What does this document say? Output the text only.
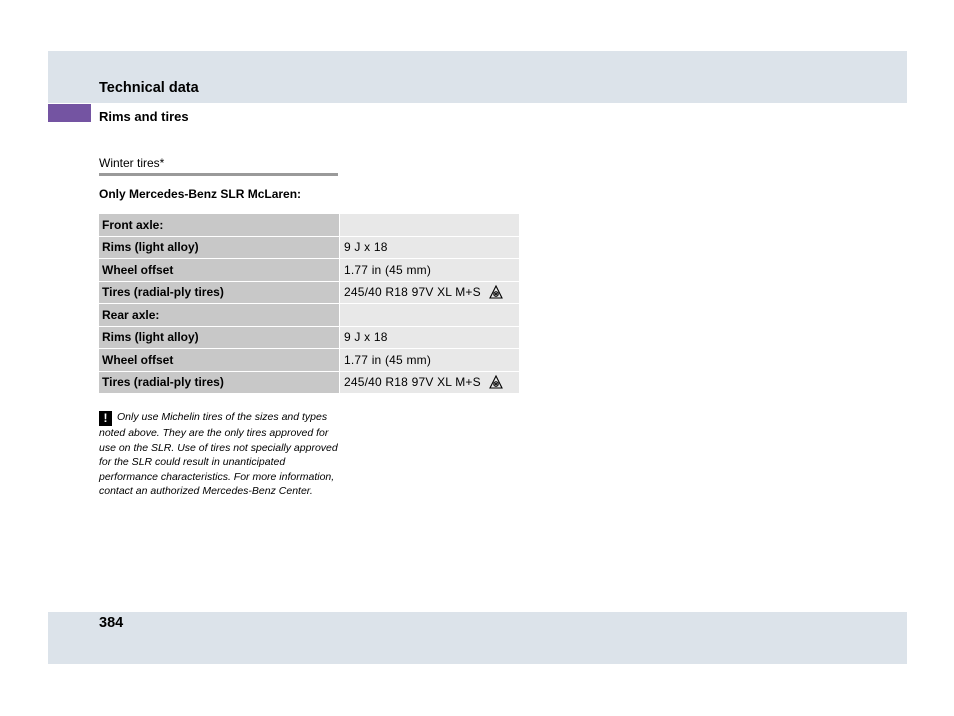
Technical data
Rims and tires
Winter tires*
Only Mercedes-Benz SLR McLaren:
Front axle:
Rims (light alloy)	9 J x 18
Wheel offset	1.77 in (45 mm)
Tires (radial-ply tires)	245/40 R18 97V XL M+S
Rear axle:
Rims (light alloy)	9 J x 18
Wheel offset	1.77 in (45 mm)
Tires (radial-ply tires)	245/40 R18 97V XL M+S
! Only use Michelin tires of the sizes and types noted above. They are the only tires approved for use on the SLR. Use of tires not specially approved for the SLR could result in unanticipated performance characteristics. For more information, contact an authorized Mercedes-Benz Center.
384
